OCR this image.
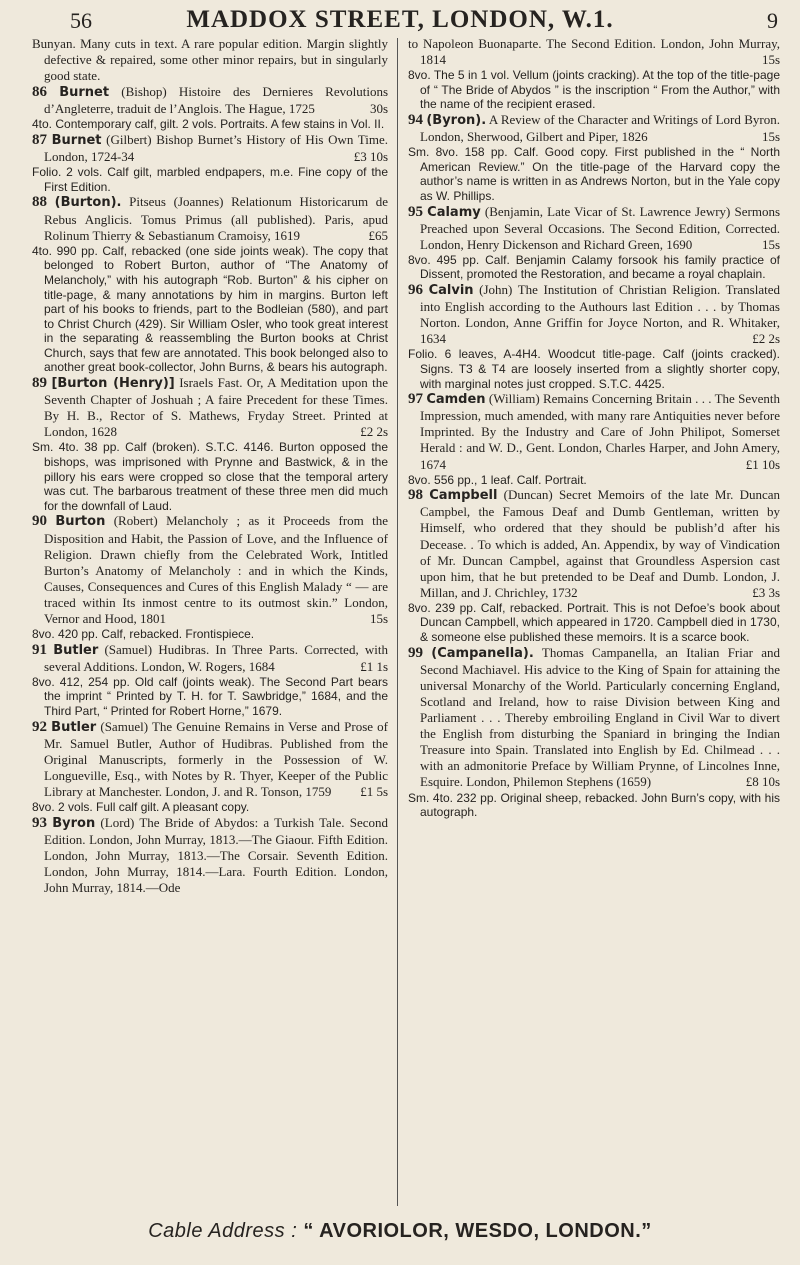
56	MADDOX STREET, LONDON, W.1.	9
Bunyan. Many cuts in text. A rare popular edition. Margin slightly defective & repaired, some other minor repairs, but in singularly good state.
86 Burnet (Bishop) Histoire des Dernieres Revolutions d’Angleterre, traduit de l’Anglois. The Hague, 1725	30s
4to. Contemporary calf, gilt. 2 vols. Portraits. A few stains in Vol. II.
87 Burnet (Gilbert) Bishop Burnet’s History of His Own Time. London, 1724-34	£3 10s
Folio. 2 vols. Calf gilt, marbled endpapers, m.e. Fine copy of the First Edition.
88 (Burton). Pitseus (Joannes) Relationum Historicarum de Rebus Anglicis. Tomus Primus (all published). Paris, apud Rolinum Thierry & Sebastianum Cramoisy, 1619	£65
4to. 990 pp. Calf, rebacked (one side joints weak). The copy that belonged to Robert Burton, author of “The Anatomy of Melancholy,” with his autograph “Rob. Burton” & his cipher on title-page, & many annotations by him in margins. Burton left part of his books to friends, part to the Bodleian (580), and part to Christ Church (429). Sir William Osler, who took great interest in the separating & reassembling the Burton books at Christ Church, says that few are annotated. This book belonged also to another great book-collector, John Burns, & bears his autograph.
89 [Burton (Henry)] Israels Fast. Or, A Meditation upon the Seventh Chapter of Joshuah ; A faire Precedent for these Times. By H. B., Rector of S. Mathews, Fryday Street. Printed at London, 1628	£2 2s
Sm. 4to. 38 pp. Calf (broken). S.T.C. 4146. Burton opposed the bishops, was imprisoned with Prynne and Bastwick, & in the pillory his ears were cropped so close that the temporal artery was cut. The barbarous treatment of these three men did much for the downfall of Laud.
90 Burton (Robert) Melancholy ; as it Proceeds from the Disposition and Habit, the Passion of Love, and the Influence of Religion. Drawn chiefly from the Celebrated Work, Intitled Burton’s Anatomy of Melancholy : and in which the Kinds, Causes, Consequences and Cures of this English Malady “ — are traced within Its inmost centre to its outmost skin.” London, Vernor and Hood, 1801	15s
8vo. 420 pp. Calf, rebacked. Frontispiece.
91 Butler (Samuel) Hudibras. In Three Parts. Corrected, with several Additions. London, W. Rogers, 1684	£1 1s
8vo. 412, 254 pp. Old calf (joints weak). The Second Part bears the imprint “ Printed by T. H. for T. Sawbridge,” 1684, and the Third Part, “ Printed for Robert Horne,” 1679.
92 Butler (Samuel) The Genuine Remains in Verse and Prose of Mr. Samuel Butler, Author of Hudibras. Published from the Original Manuscripts, formerly in the Possession of W. Longueville, Esq., with Notes by R. Thyer, Keeper of the Public Library at Manchester. London, J. and R. Tonson, 1759 £1 5s
8vo. 2 vols. Full calf gilt. A pleasant copy.
93 Byron (Lord) The Bride of Abydos: a Turkish Tale. Second Edition. London, John Murray, 1813.—The Giaour. Fifth Edition. London, John Murray, 1813.—The Corsair. Seventh Edition. London, John Murray, 1814.—Lara. Fourth Edition. London, John Murray, 1814.—Ode
to Napoleon Buonaparte. The Second Edition. London, John Murray, 1814	15s
8vo. The 5 in 1 vol. Vellum (joints cracking). At the top of the title-page of “ The Bride of Abydos ” is the inscription “ From the Author,” with the name of the recipient erased.
94 (Byron). A Review of the Character and Writings of Lord Byron. London, Sherwood, Gilbert and Piper, 1826	15s
Sm. 8vo. 158 pp. Calf. Good copy. First published in the “ North American Review.” On the title-page of the Harvard copy the author’s name is written in as Andrews Norton, but in the Yale copy as W. Phillips.
95 Calamy (Benjamin, Late Vicar of St. Lawrence Jewry) Sermons Preached upon Several Occasions. The Second Edition, Corrected. London, Henry Dickenson and Richard Green, 1690	15s
8vo. 495 pp. Calf. Benjamin Calamy forsook his family practice of Dissent, promoted the Restoration, and became a royal chaplain.
96 Calvin (John) The Institution of Christian Religion. Translated into English according to the Authours last Edition . . . by Thomas Norton. London, Anne Griffin for Joyce Norton, and R. Whitaker, 1634	£2 2s
Folio. 6 leaves, A-4H4. Woodcut title-page. Calf (joints cracked). Signs. T3 & T4 are loosely inserted from a slightly shorter copy, with marginal notes just cropped. S.T.C. 4425.
97 Camden (William) Remains Concerning Britain . . . The Seventh Impression, much amended, with many rare Antiquities never before Imprinted. By the Industry and Care of John Philipot, Somerset Herald : and W. D., Gent. London, Charles Harper, and John Amery, 1674	£1 10s
8vo. 556 pp., 1 leaf. Calf. Portrait.
98 Campbell (Duncan) Secret Memoirs of the late Mr. Duncan Campbel, the Famous Deaf and Dumb Gentleman, written by Himself, who ordered that they should be publish’d after his Decease. . To which is added, An. Appendix, by way of Vindication of Mr. Duncan Campbel, against that Groundless Aspersion cast upon him, that he but pretended to be Deaf and Dumb. London, J. Millan, and J. Chrichley, 1732	£3 3s
8vo. 239 pp. Calf, rebacked. Portrait. This is not Defoe’s book about Duncan Campbell, which appeared in 1720. Campbell died in 1730, & someone else published these memoirs. It is a scarce book.
99 (Campanella). Thomas Campanella, an Italian Friar and Second Machiavel. His advice to the King of Spain for attaining the universal Monarchy of the World. Particularly concerning England, Scotland and Ireland, how to raise Division between King and Parliament . . . Thereby embroiling England in Civil War to divert the English from disturbing the Spaniard in bringing the Indian Treasure into Spain. Translated into English by Ed. Chilmead . . . with an admonitorie Preface by William Prynne, of Lincolnes Inne, Esquire. London, Philemon Stephens (1659)	£8 10s
Sm. 4to. 232 pp. Original sheep, rebacked. John Burn’s copy, with his autograph.
Cable Address : “ AVORIOLOR, WESDO, LONDON.”
